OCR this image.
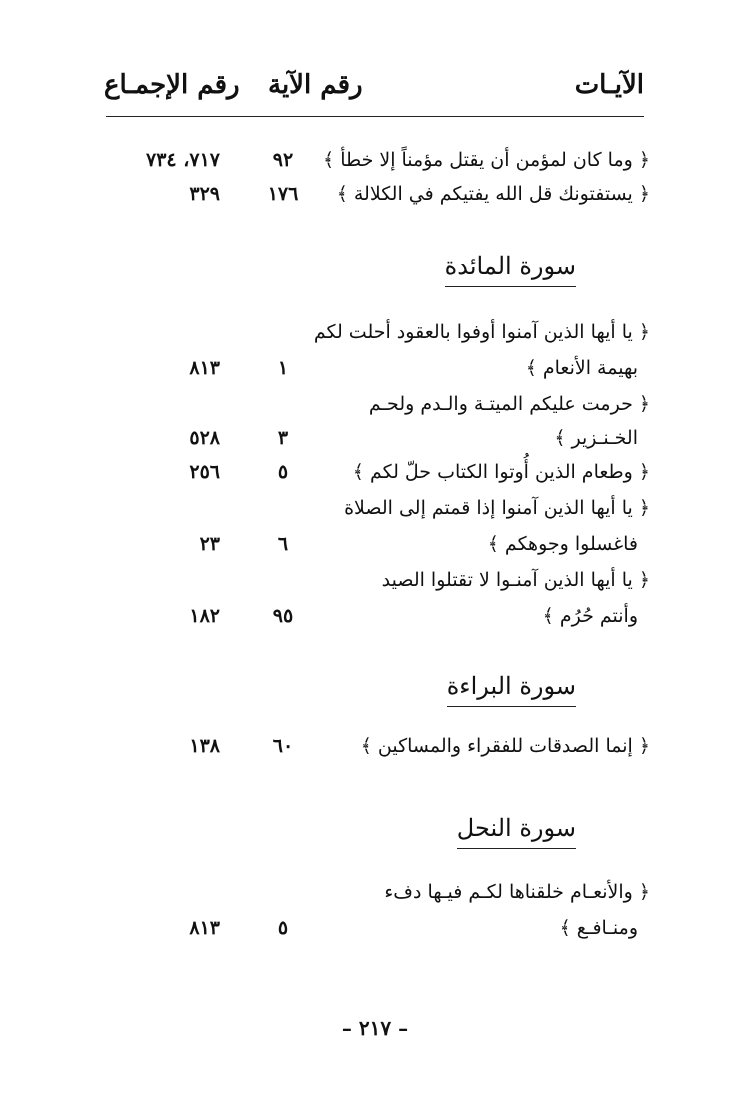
الآيـات
رقم الآية
رقم الإجمـاع
﴿ وما كان لمؤمن أن يقتل مؤمناً إلا خطأ ﴾
٩٢
٧١٧، ٧٣٤
﴿ يستفتونك قل الله يفتيكم في الكلالة ﴾
١٧٦
٣٢٩
سورة المائدة
﴿ يا أيها الذين آمنوا أوفوا بالعقود أحلت لكم
بهيمة الأنعام ﴾
١
٨١٣
﴿ حرمت عليكم الميتـة والـدم ولحـم
الخـنـزير ﴾
٣
٥٢٨
﴿ وطعام الذين أُوتوا الكتاب حلّ لكم ﴾
٥
٢٥٦
﴿ يا أيها الذين آمنوا إذا قمتم إلى الصلاة
فاغسلوا وجوهكم ﴾
٦
٢٣
﴿ يا أيها الذين آمنـوا لا تقتلوا الصيد
وأنتم حُرُم ﴾
٩٥
١٨٢
سورة البراءة
﴿ إنما الصدقات للفقراء والمساكين ﴾
٦٠
١٣٨
سورة النحل
﴿ والأنعـام خلقناها لكـم فيـها دفء
ومنـافـع ﴾
٥
٨١٣
– ٢١٧ –
